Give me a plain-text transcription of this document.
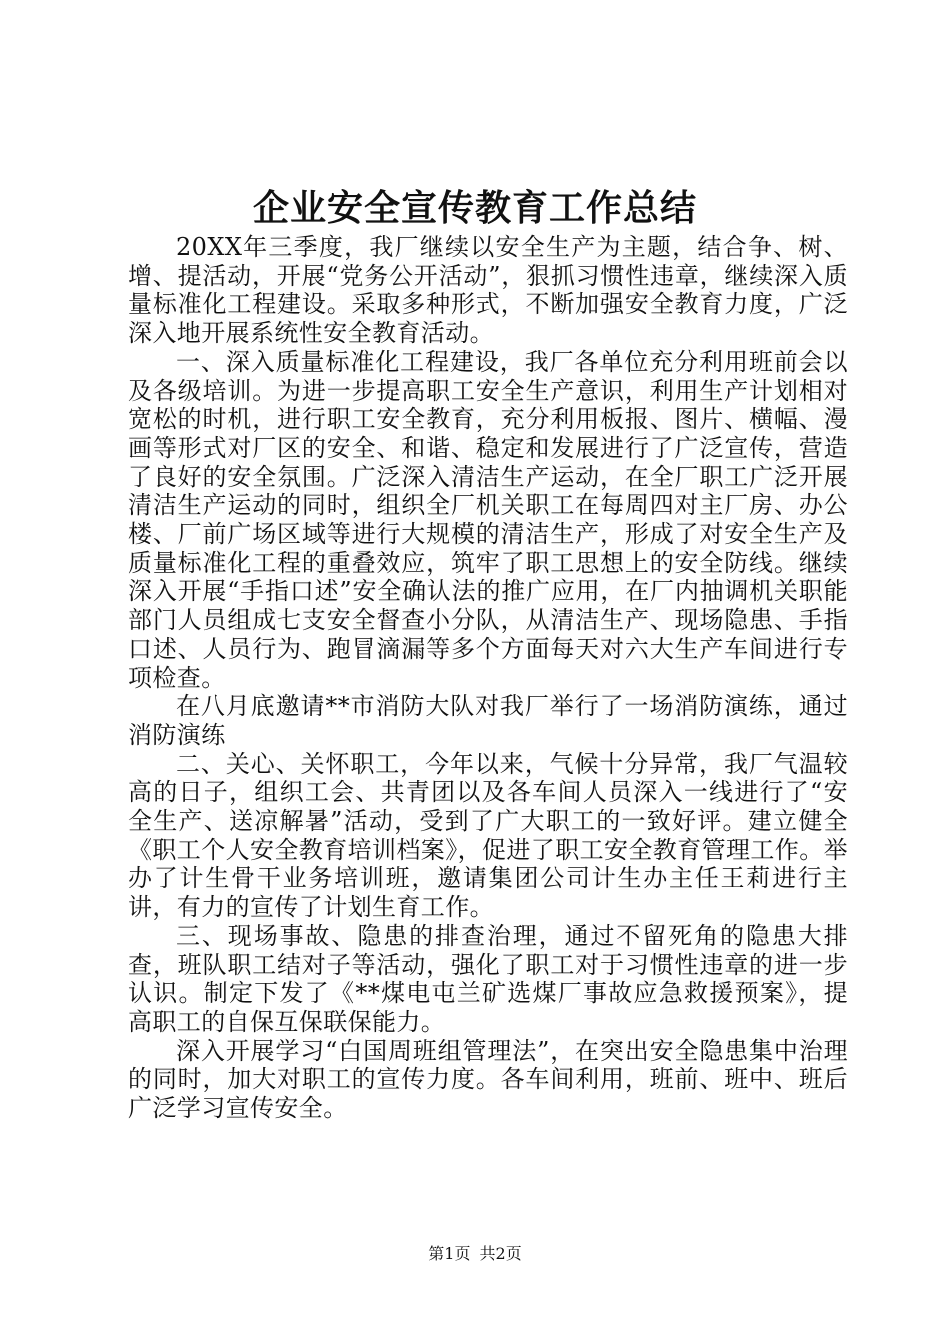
企业安全宣传教育工作总结

20XX年三季度，我厂继续以安全生产为主题，结合争、树、增、提活动，开展“党务公开活动”，狠抓习惯性违章，继续深入质量标准化工程建设。采取多种形式，不断加强安全教育力度，广泛深入地开展系统性安全教育活动。

一、深入质量标准化工程建设，我厂各单位充分利用班前会以及各级培训。为进一步提高职工安全生产意识，利用生产计划相对宽松的时机，进行职工安全教育，充分利用板报、图片、横幅、漫画等形式对厂区的安全、和谐、稳定和发展进行了广泛宣传，营造了良好的安全氛围。广泛深入清洁生产运动，在全厂职工广泛开展清洁生产运动的同时，组织全厂机关职工在每周四对主厂房、办公楼、厂前广场区域等进行大规模的清洁生产，形成了对安全生产及质量标准化工程的重叠效应，筑牢了职工思想上的安全防线。继续深入开展“手指口述”安全确认法的推广应用，在厂内抽调机关职能部门人员组成七支安全督查小分队，从清洁生产、现场隐患、手指口述、人员行为、跑冒滴漏等多个方面每天对六大生产车间进行专项检查。

在八月底邀请**市消防大队对我厂举行了一场消防演练，通过消防演练

二、关心、关怀职工，今年以来，气候十分异常，我厂气温较高的日子，组织工会、共青团以及各车间人员深入一线进行了“安全生产、送凉解暑”活动，受到了广大职工的一致好评。建立健全《职工个人安全教育培训档案》，促进了职工安全教育管理工作。举办了计生骨干业务培训班，邀请集团公司计生办主任王莉进行主讲，有力的宣传了计划生育工作。

三、现场事故、隐患的排查治理，通过不留死角的隐患大排查，班队职工结对子等活动，强化了职工对于习惯性违章的进一步认识。制定下发了《**煤电屯兰矿选煤厂事故应急救援预案》，提高职工的自保互保联保能力。

深入开展学习“白国周班组管理法”，在突出安全隐患集中治理的同时，加大对职工的宣传力度。各车间利用，班前、班中、班后广泛学习宣传安全。

第1页 共2页
